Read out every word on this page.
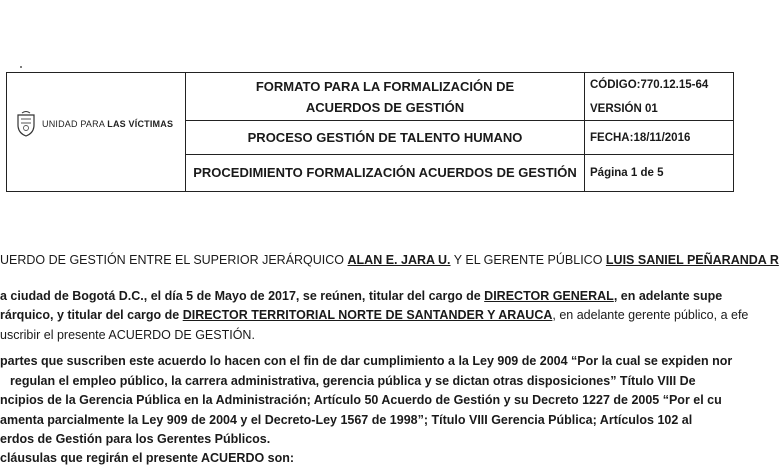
UNIDAD PARA LAS VÍCTIMAS
FORMATO PARA LA FORMALIZACIÓN DE
ACUERDOS DE GESTIÓN
PROCESO GESTIÓN DE TALENTO HUMANO
PROCEDIMIENTO FORMALIZACIÓN ACUERDOS DE GESTIÓN
CÓDIGO:770.12.15-64
VERSIÓN 01
FECHA:18/11/2016
Página 1 de 5
UERDO DE GESTIÓN ENTRE EL SUPERIOR JERÁRQUICO ALAN E. JARA U. Y EL GERENTE PÚBLICO LUIS SANIEL PEÑARANDA R
a ciudad de Bogotá D.C., el día 5 de Mayo de 2017, se reúnen, titular del cargo de DIRECTOR GENERAL, en adelante supe
rárquico, y titular del cargo de DIRECTOR TERRITORIAL NORTE DE SANTANDER Y ARAUCA, en adelante gerente público, a efe
uscribir el presente ACUERDO DE GESTIÓN.
partes que suscriben este acuerdo lo hacen con el fin de dar cumplimiento a la Ley 909 de 2004 “Por la cual se expiden nor
regulan el empleo público, la carrera administrativa, gerencia pública y se dictan otras disposiciones” Título VIII De
ncipios de la Gerencia Pública en la Administración; Artículo 50 Acuerdo de Gestión y su Decreto 1227 de 2005 “Por el cu
amenta parcialmente la Ley 909 de 2004 y el Decreto-Ley 1567 de 1998”; Título VIII Gerencia Pública; Artículos 102 al
erdos de Gestión para los Gerentes Públicos.
cláusulas que regirán el presente ACUERDO son:
